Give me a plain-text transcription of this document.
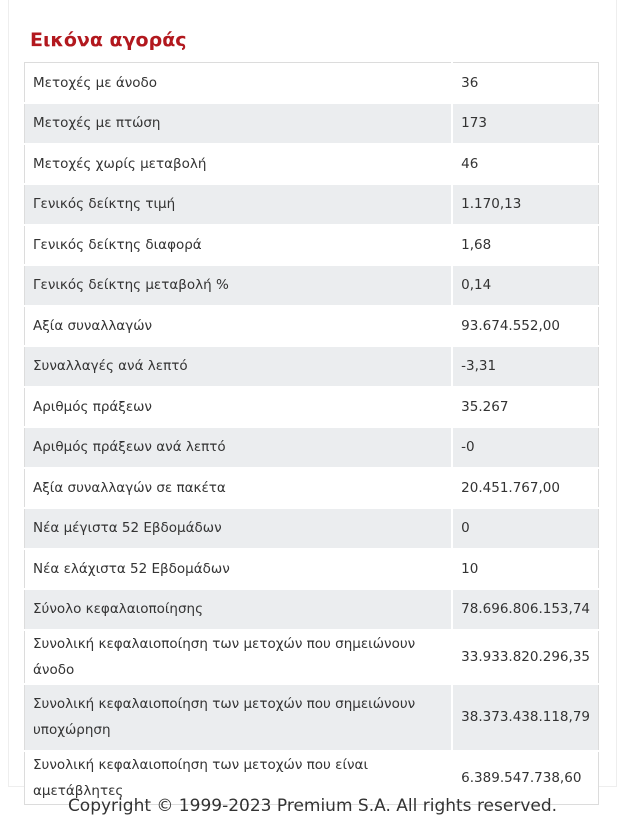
Εικόνα αγοράς
Μετοχές με άνοδο	36
Μετοχές με πτώση	173
Μετοχές χωρίς μεταβολή	46
Γενικός δείκτης τιμή	1.170,13
Γενικός δείκτης διαφορά	1,68
Γενικός δείκτης μεταβολή %	0,14
Αξία συναλλαγών	93.674.552,00
Συναλλαγές ανά λεπτό	-3,31
Αριθμός πράξεων	35.267
Αριθμός πράξεων ανά λεπτό	-0
Αξία συναλλαγών σε πακέτα	20.451.767,00
Νέα μέγιστα 52 Εβδομάδων	0
Νέα ελάχιστα 52 Εβδομάδων	10
Σύνολο κεφαλαιοποίησης	78.696.806.153,74
Συνολική κεφαλαιοποίηση των μετοχών που σημειώνουν άνοδο	33.933.820.296,35
Συνολική κεφαλαιοποίηση των μετοχών που σημειώνουν υποχώρηση	38.373.438.118,79
Συνολική κεφαλαιοποίηση των μετοχών που είναι αμετάβλητες	6.389.547.738,60
Copyright © 1999-2023 Premium S.A. All rights reserved.
